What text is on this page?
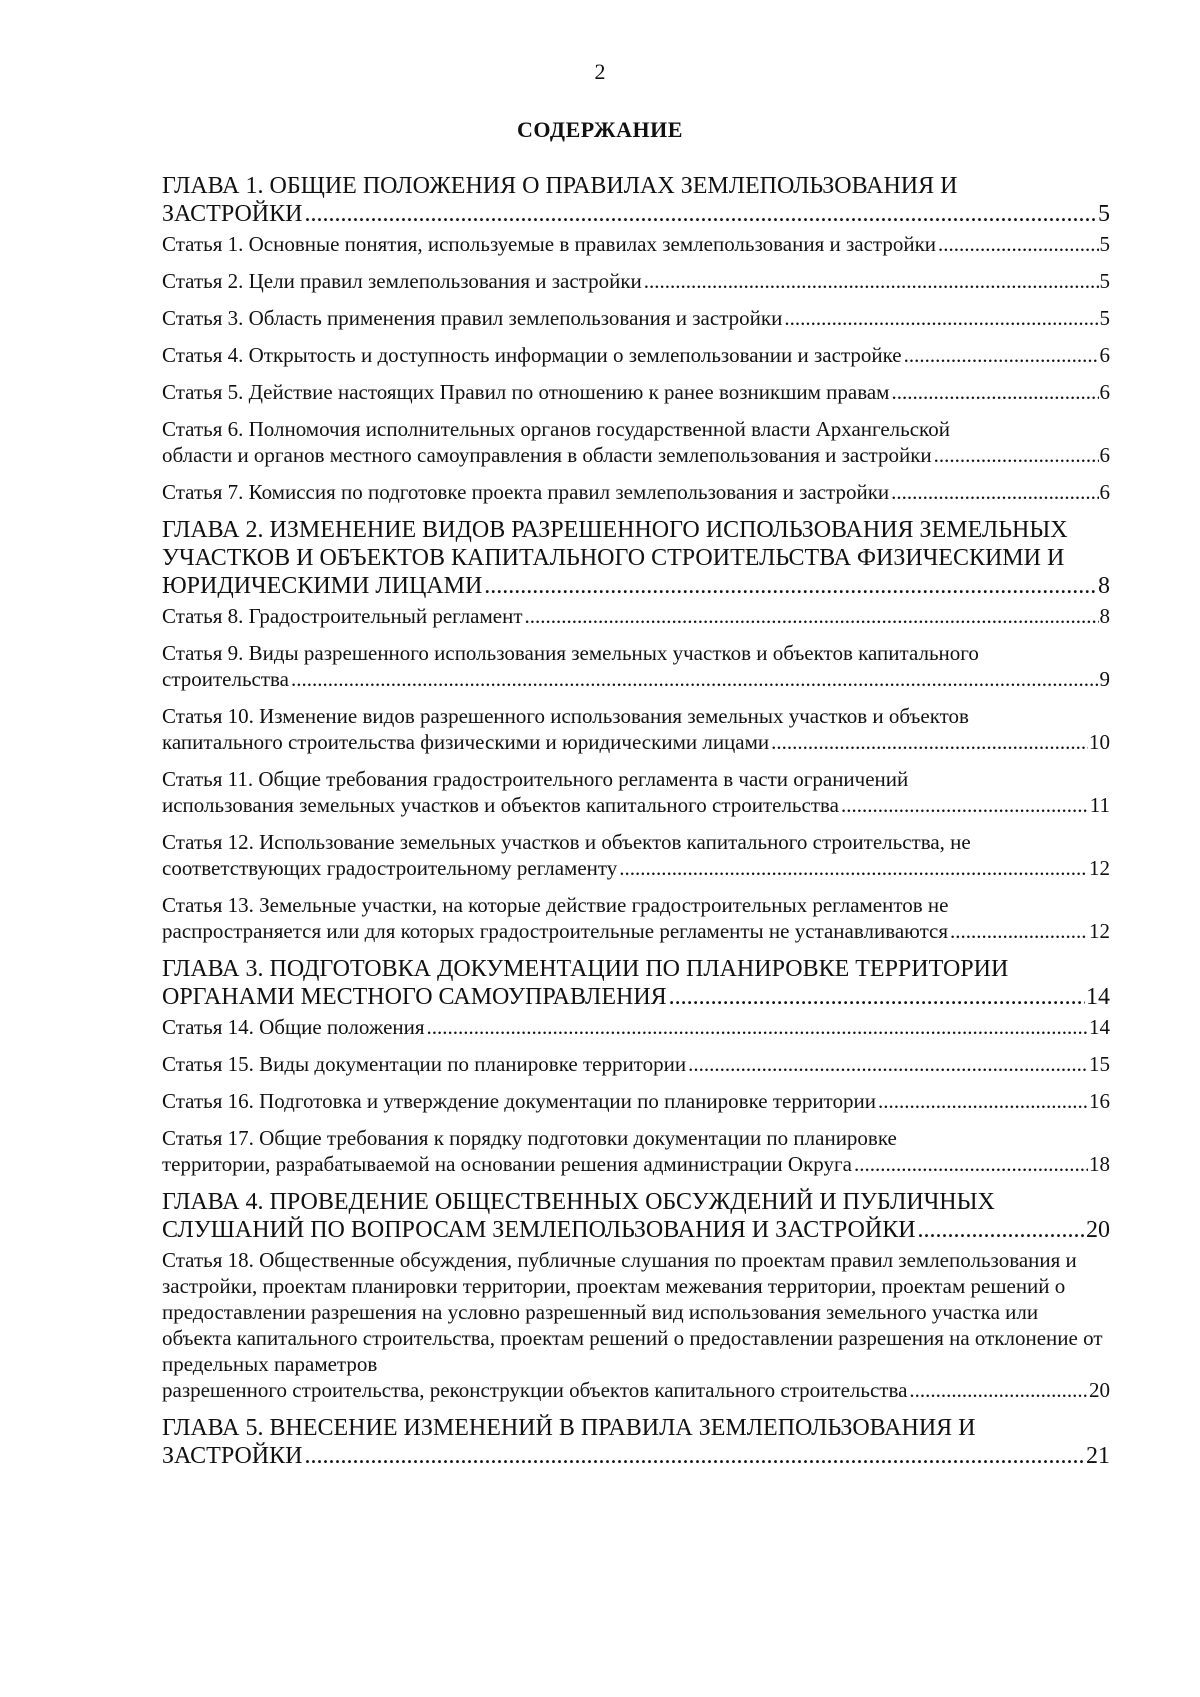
2
СОДЕРЖАНИЕ
ГЛАВА 1. ОБЩИЕ ПОЛОЖЕНИЯ О ПРАВИЛАХ ЗЕМЛЕПОЛЬЗОВАНИЯ И
ЗАСТРОЙКИ .....	5
Статья 1. Основные понятия, используемые в правилах землепользования и застройки .....	5
Статья 2. Цели правил землепользования и застройки .....	5
Статья 3. Область применения правил землепользования и застройки .....	5
Статья 4. Открытость и доступность информации о землепользовании и застройке .....	6
Статья 5. Действие настоящих Правил по отношению к ранее возникшим правам .....	6
Статья 6. Полномочия исполнительных органов государственной власти Архангельской
области и органов местного самоуправления в области землепользования и застройки .....	6
Статья 7. Комиссия по подготовке проекта правил землепользования и застройки .....	6
ГЛАВА 2. ИЗМЕНЕНИЕ ВИДОВ РАЗРЕШЕННОГО ИСПОЛЬЗОВАНИЯ ЗЕМЕЛЬНЫХ УЧАСТКОВ И ОБЪЕКТОВ КАПИТАЛЬНОГО СТРОИТЕЛЬСТВА ФИЗИЧЕСКИМИ И
ЮРИДИЧЕСКИМИ ЛИЦАМИ .....	8
Статья 8. Градостроительный регламент .....	8
Статья 9. Виды разрешенного использования земельных участков и объектов капитального
строительства .....	9
Статья 10. Изменение видов разрешенного использования земельных участков и объектов
капитального строительства физическими и юридическими лицами .....	10
Статья 11. Общие требования градостроительного регламента в части ограничений
использования земельных участков и объектов капитального строительства .....	11
Статья 12. Использование земельных участков и объектов капитального строительства, не
соответствующих градостроительному регламенту .....	12
Статья 13. Земельные участки, на которые действие градостроительных регламентов не
распространяется или для которых градостроительные регламенты не устанавливаются .....	12
ГЛАВА 3. ПОДГОТОВКА ДОКУМЕНТАЦИИ ПО ПЛАНИРОВКЕ ТЕРРИТОРИИ
ОРГАНАМИ МЕСТНОГО САМОУПРАВЛЕНИЯ .....	14
Статья 14. Общие положения .....	14
Статья 15. Виды документации по планировке территории .....	15
Статья 16. Подготовка и утверждение документации по планировке территории .....	16
Статья 17. Общие требования к порядку подготовки документации по планировке
территории, разрабатываемой на основании решения администрации Округа .....	18
ГЛАВА 4. ПРОВЕДЕНИЕ ОБЩЕСТВЕННЫХ ОБСУЖДЕНИЙ И ПУБЛИЧНЫХ
СЛУШАНИЙ ПО ВОПРОСАМ ЗЕМЛЕПОЛЬЗОВАНИЯ И ЗАСТРОЙКИ .....	20
Статья 18. Общественные обсуждения, публичные слушания по проектам правил землепользования и застройки, проектам планировки территории, проектам межевания территории, проектам решений о предоставлении разрешения на условно разрешенный вид использования земельного участка или объекта капитального строительства, проектам решений о предоставлении разрешения на отклонение от предельных параметров
разрешенного строительства, реконструкции объектов капитального строительства .....	20
ГЛАВА 5. ВНЕСЕНИЕ ИЗМЕНЕНИЙ В ПРАВИЛА ЗЕМЛЕПОЛЬЗОВАНИЯ И
ЗАСТРОЙКИ .....	21
